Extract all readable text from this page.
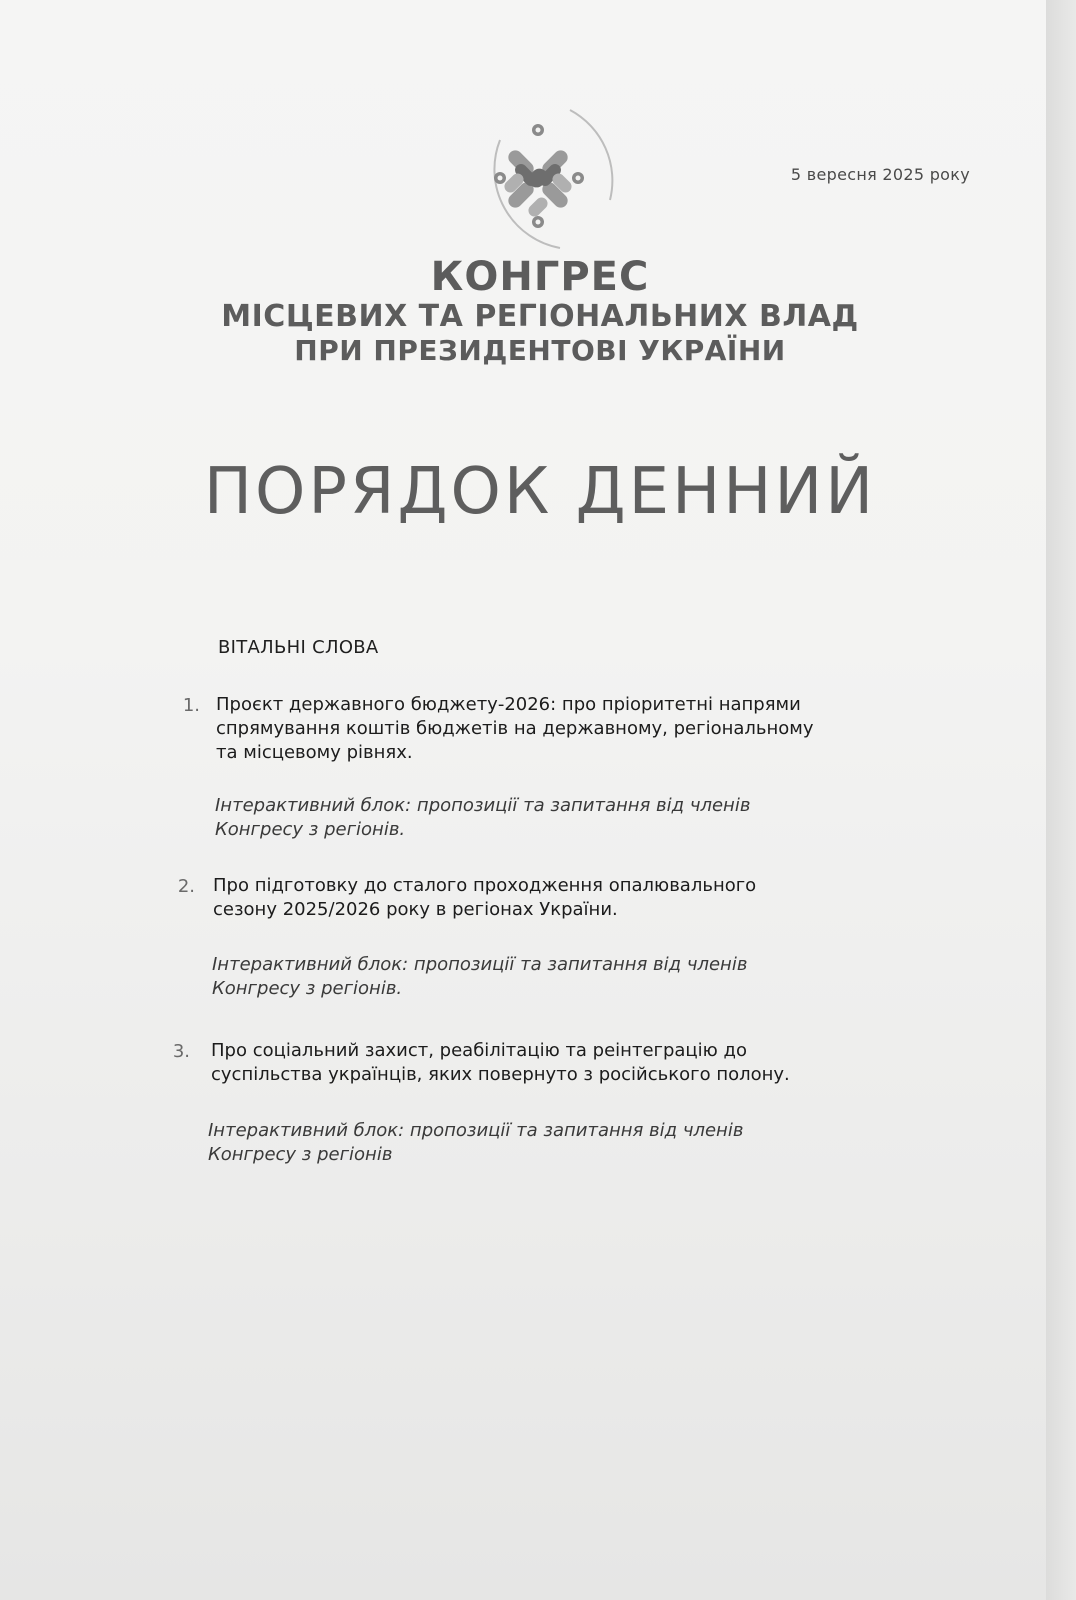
5 вересня 2025 року
КОНГРЕС
МІСЦЕВИХ ТА РЕГІОНАЛЬНИХ ВЛАД
ПРИ ПРЕЗИДЕНТОВІ УКРАЇНИ
ПОРЯДОК ДЕННИЙ
ВІТАЛЬНІ СЛОВА
1. Проєкт державного бюджету-2026: про пріоритетні напрями
спрямування коштів бюджетів на державному, регіональному
та місцевому рівнях.
Інтерактивний блок: пропозиції та запитання від членів
Конгресу з регіонів.
2. Про підготовку до сталого проходження опалювального
сезону 2025/2026 року в регіонах України.
Інтерактивний блок: пропозиції та запитання від членів
Конгресу з регіонів.
3. Про соціальний захист, реабілітацію та реінтеграцію до
суспільства українців, яких повернуто з російського полону.
Інтерактивний блок: пропозиції та запитання від членів
Конгресу з регіонів
